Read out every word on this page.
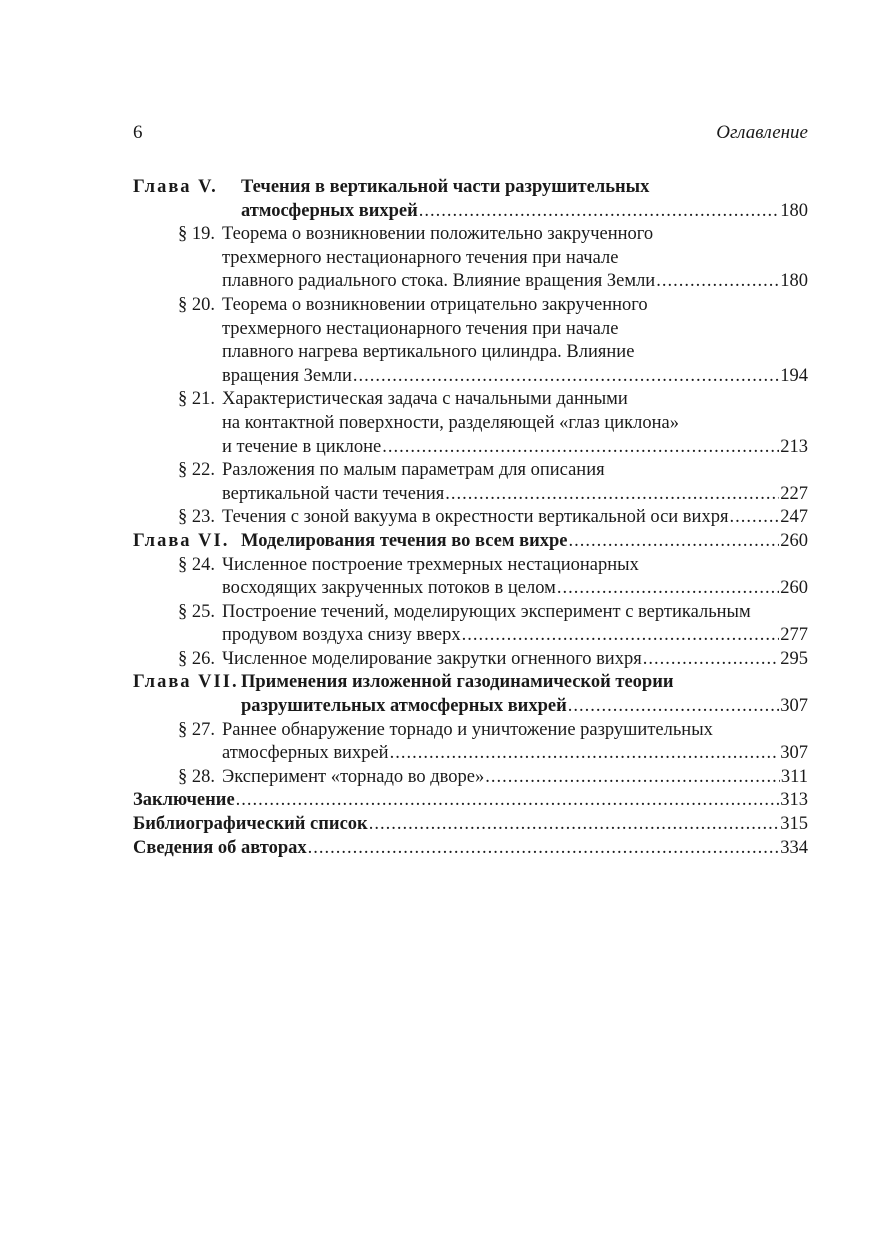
6	Оглавление
Глава V. Течения в вертикальной части разрушительных
атмосферных вихрей .....	180
§ 19. Теорема о возникновении положительно закрученного
трехмерного нестационарного течения при начале
плавного радиального стока. Влияние вращения Земли .....	180
§ 20. Теорема о возникновении отрицательно закрученного
трехмерного нестационарного течения при начале
плавного нагрева вертикального цилиндра. Влияние
вращения Земли .....	194
§ 21. Характеристическая задача с начальными данными
на контактной поверхности, разделяющей «глаз циклона»
и течение в циклоне .....	213
§ 22. Разложения по малым параметрам для описания
вертикальной части течения .....	227
§ 23. Течения с зоной вакуума в окрестности вертикальной оси вихря .....	247
Глава VI. Моделирования течения во всем вихре .....	260
§ 24. Численное построение трехмерных нестационарных
восходящих закрученных потоков в целом .....	260
§ 25. Построение течений, моделирующих эксперимент с вертикальным
продувом воздуха снизу вверх .....	277
§ 26. Численное моделирование закрутки огненного вихря .....	295
Глава VII. Применения изложенной газодинамической теории
разрушительных атмосферных вихрей .....	307
§ 27. Раннее обнаружение торнадо и уничтожение разрушительных
атмосферных вихрей .....	307
§ 28. Эксперимент «торнадо во дворе» .....	311
Заключение .....	313
Библиографический список .....	315
Сведения об авторах .....	334
